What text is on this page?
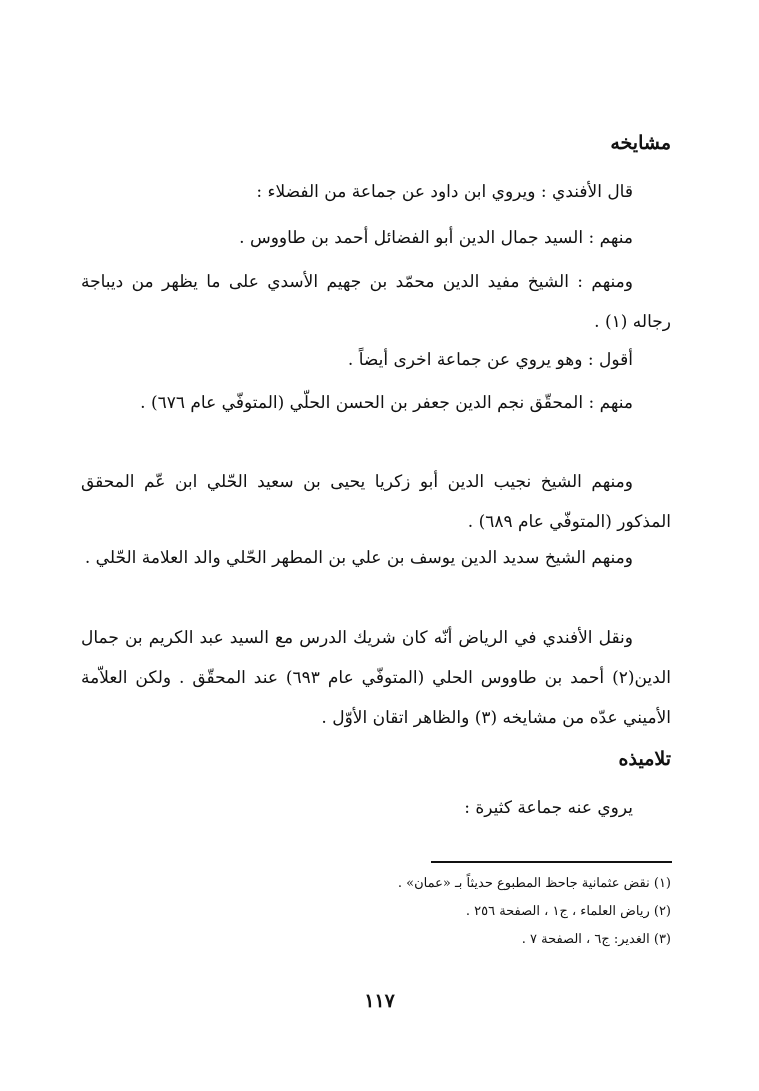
مشايخه
قال الأفندي : ويروي ابن داود عن جماعة من الفضلاء :
منهم : السيد جمال الدين أبو الفضائل أحمد بن طاووس .
ومنهم : الشيخ مفيد الدين محمّد بن جهيم الأسدي على ما يظهر من ديباجة رجاله (١) .
أقول : وهو يروي عن جماعة اخرى أيضاً .
منهم : المحقّق نجم الدين جعفر بن الحسن الحلّي (المتوفّي عام ٦٧٦) .
ومنهم الشيخ نجيب الدين أبو زكريا يحيى بن سعيد الحّلي ابن عّم المحقق المذكور (المتوفّي عام ٦٨٩) .
ومنهم الشيخ سديد الدين يوسف بن علي بن المطهر الحّلي والد العلامة الحّلي .
ونقل الأفندي في الرياض أنّه كان شريك الدرس مع السيد عبد الكريم بن جمال الدين(٢) أحمد بن طاووس الحلي (المتوفّي عام ٦٩٣) عند المحقّق . ولكن العلاّمة الأميني عدّه من مشايخه (٣) والظاهر اتقان الأوّل .
تلاميذه
يروي عنه جماعة كثيرة :
(١) نقض عثمانية جاحظ المطبوع حديثاً بـ «عمان» .
(٢) رياض العلماء ، ج١ ، الصفحة ٢٥٦ .
(٣) الغدير: ج٦ ، الصفحة ٧ .
١١٧
